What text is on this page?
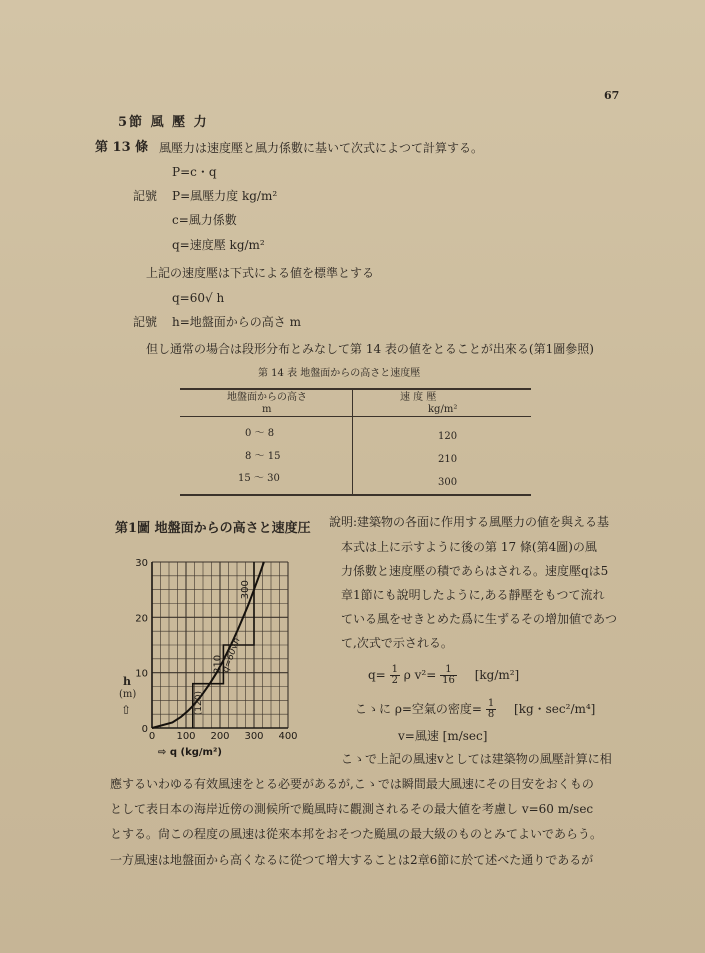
67
5節 風 壓 力
第 13 條 風壓力は速度壓と風力係數に基いて次式によつて計算する。
P=c・q
記號 P=風壓力度 kg/m²
c=風力係數
q=速度壓 kg/m²
上記の速度壓は下式による値を標準とする
q=60√ h
記號 h=地盤面からの高さ m
但し通常の場合は段形分布とみなして第 14 表の値をとることが出來る(第1圖參照)
第 14 表 地盤面からの高さと速度壓
地盤面からの高さ
m
速 度 壓
kg/m²
0 ～ 8	120
8 ～ 15	210
15 ～ 30	300
第1圖 地盤面からの高さと速度圧
0 100 200 300 400
0
10
20
30
(120)
210
300
q=60√h
⇨ q (kg/m²)
h
(m)
⇧
說明:建築物の各面に作用する風壓力の値を與える基
本式は上に示すように後の第 17 條(第4圖)の風
力係數と速度壓の積であらはされる。速度壓qは5
章1節にも說明したように,ある靜壓をもつて流れ
ている風をせきとめた爲に生ずるその增加値であつ
て,次式で示される。
$q= \frac{1}{2}$ ρ $v^2= \frac{1}{16} [kg/m^2]$
こゝに ρ=空氣の密度= $\frac{1}{8} [kg$・sec²/m⁴]
v=風速 [m/sec]
こゝで上記の風速vとしては建築物の風壓計算に相
應するいわゆる有效風速をとる必要があるが,こゝでは瞬間最大風速にその目安をおくもの
として表日本の海岸近傍の測候所で颱風時に觀測されるその最大値を考慮し v=60 m/sec
とする。尙この程度の風速は從來本邦をおそつた颱風の最大級のものとみてよいであらう。
一方風速は地盤面から高くなるに從つて增大することは2章6節に於て述べた通りであるが
